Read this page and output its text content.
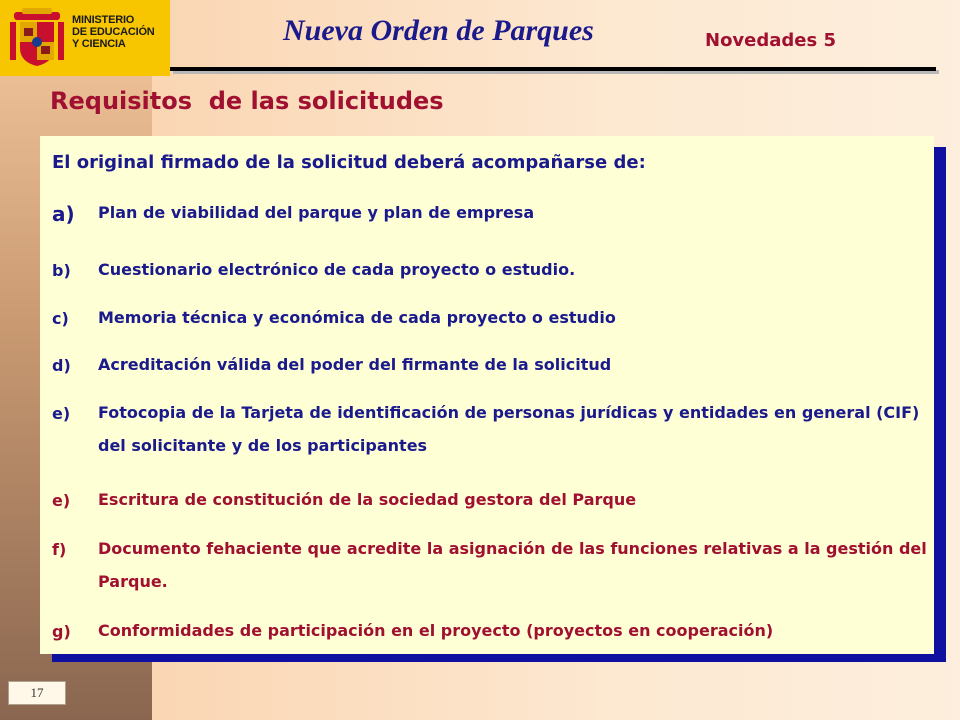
MINISTERIO
DE EDUCACIÓN
Y CIENCIA	Nueva Orden de Parques	Novedades 5
Requisitos  de las solicitudes
El original firmado de la solicitud deberá acompañarse de:
a) Plan de viabilidad del parque y plan de empresa
b) Cuestionario electrónico de cada proyecto o estudio.
c) Memoria técnica y económica de cada proyecto o estudio
d) Acreditación válida del poder del firmante de la solicitud
e) Fotocopia de la Tarjeta de identificación de personas jurídicas y entidades en general (CIF) del solicitante y de los participantes
e) Escritura de constitución de la sociedad gestora del Parque
f) Documento fehaciente que acredite la asignación de las funciones relativas a la gestión del Parque.
g) Conformidades de participación en el proyecto (proyectos en cooperación)
17
